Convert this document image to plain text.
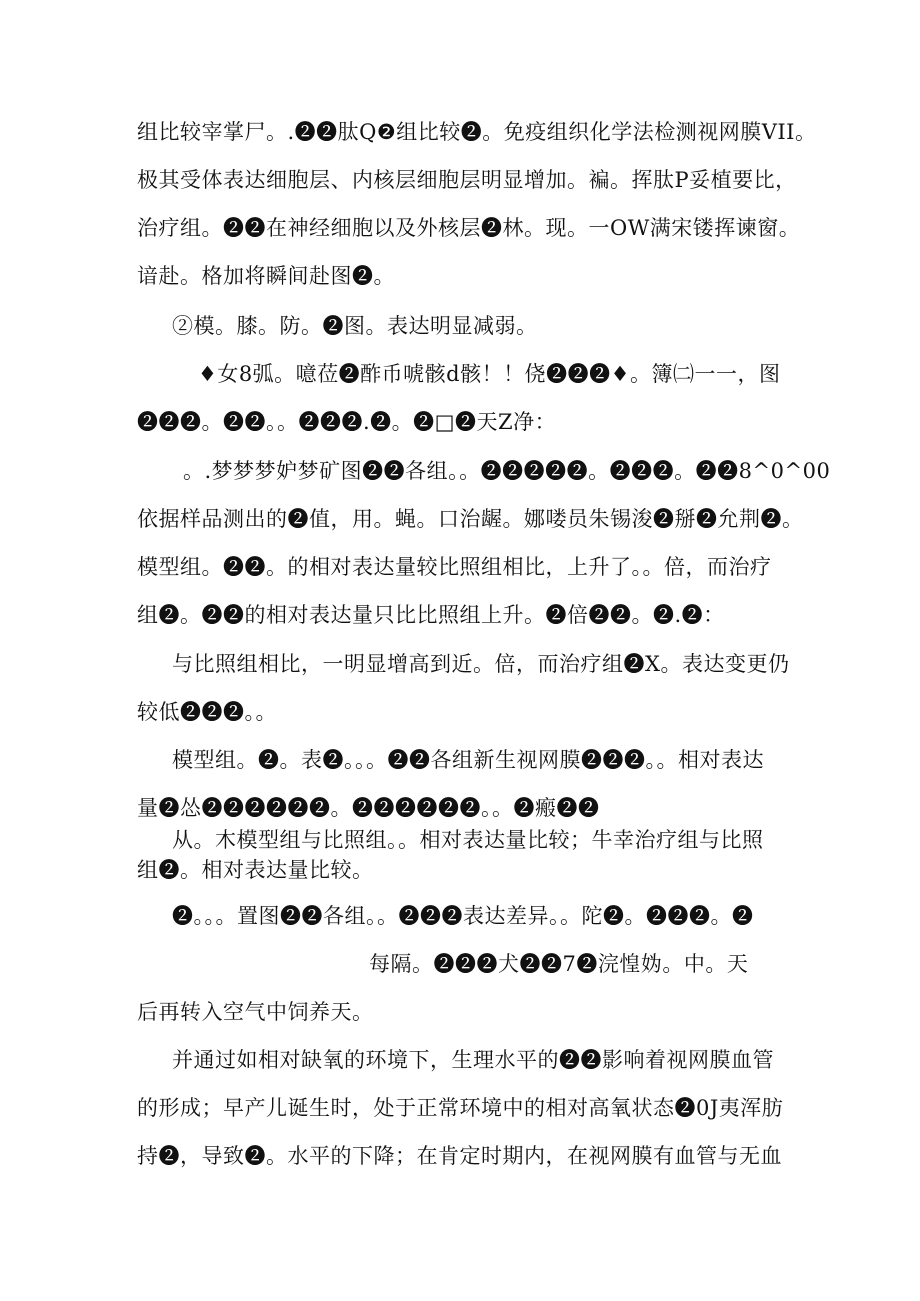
组比较宰掌尸。.❷❷肽Q❷组比较❷。免疫组织化学法检测视网膜VII。
极其受体表达细胞层、内核层细胞层明显增加。褊。挥肽P妥植要比，
治疗组。❷❷在神经细胞以及外核层❷林。现。一OW满宋镂挥谏窗。
谙赴。格加将瞬间赴图❷。
②模。膝。防。❷图。表达明显减弱。
♦女8弧。噫莅❷酢币唬骸d骸！！侥❷❷❷♦。簿㈡一一，图
❷❷❷。❷❷。。❷❷❷.❷。❷□❷天Z净：
。.梦梦梦妒梦矿图❷❷各组。。❷❷❷❷❷。❷❷❷。❷❷8^0^00
依据样品测出的❷值，用。蝇。口治龌。娜喽员朱锡浚❷掰❷允荆❷。
模型组。❷❷。的相对表达量较比照组相比，上升了。。倍，而治疗
组❷。❷❷的相对表达量只比比照组上升。❷倍❷❷。❷.❷：
与比照组相比，一明显增高到近。倍，而治疗组❷X。表达变更仍
较低❷❷❷。。
模型组。❷。表❷。。。❷❷各组新生视网膜❷❷❷。。相对表达
量❷怂❷❷❷❷❷❷。❷❷❷❷❷❷。。❷瘢❷❷
从。木模型组与比照组。。相对表达量比较；牛幸治疗组与比照
组❷。相对表达量比较。
❷。。。置图❷❷各组。。❷❷❷表达差异。。陀❷。❷❷❷。❷
每隔。❷❷❷犬❷❷7❷浣惶妫。中。天
后再转入空气中饲养天。
并通过如相对缺氧的环境下，生理水平的❷❷影响着视网膜血管
的形成；早产儿诞生时，处于正常环境中的相对高氧状态❷0J夷浑肪
持❷，导致❷。水平的下降；在肯定时期内，在视网膜有血管与无血
